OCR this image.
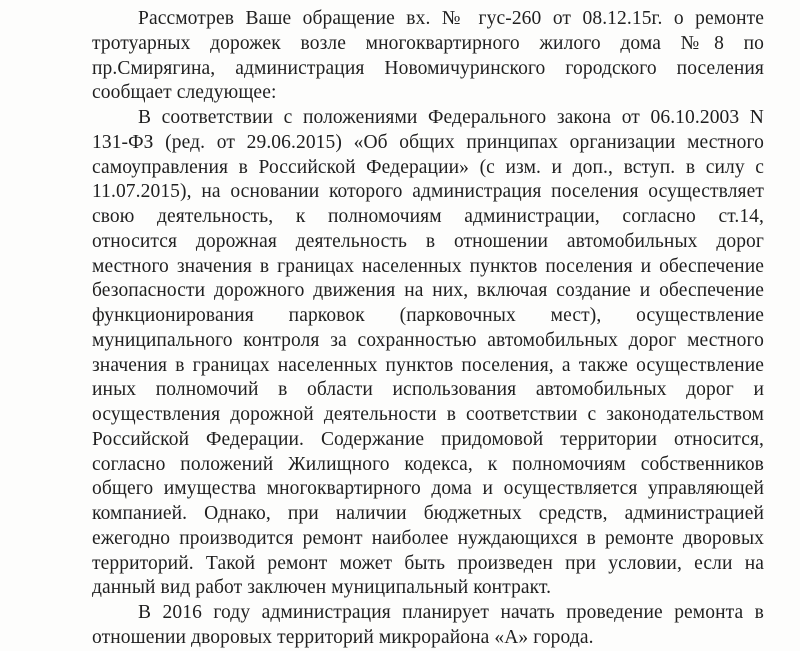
Рассмотрев Ваше обращение вх. № гус-260 от 08.12.15г. о ремонте
тротуарных дорожек возле многоквартирного жилого дома №8 по
пр.Смирягина, администрация Новомичуринского городского поселения
сообщает следующее:
В соответствии с положениями Федерального закона от 06.10.2003 N
131-ФЗ (ред. от 29.06.2015) «Об общих принципах организации местного
самоуправления в Российской Федерации» (с изм. и доп., вступ. в силу с
11.07.2015), на основании которого администрация поселения осуществляет
свою деятельность, к полномочиям администрации, согласно ст.14,
относится дорожная деятельность в отношении автомобильных дорог
местного значения в границах населенных пунктов поселения и обеспечение
безопасности дорожного движения на них, включая создание и обеспечение
функционирования парковок (парковочных мест), осуществление
муниципального контроля за сохранностью автомобильных дорог местного
значения в границах населенных пунктов поселения, а также осуществление
иных полномочий в области использования автомобильных дорог и
осуществления дорожной деятельности в соответствии с законодательством
Российской Федерации. Содержание придомовой территории относится,
согласно положений Жилищного кодекса, к полномочиям собственников
общего имущества многоквартирного дома и осуществляется управляющей
компанией. Однако, при наличии бюджетных средств, администрацией
ежегодно производится ремонт наиболее нуждающихся в ремонте дворовых
территорий. Такой ремонт может быть произведен при условии, если на
данный вид работ заключен муниципальный контракт.
В 2016 году администрация планирует начать проведение ремонта в
отношении дворовых территорий микрорайона «А» города.
